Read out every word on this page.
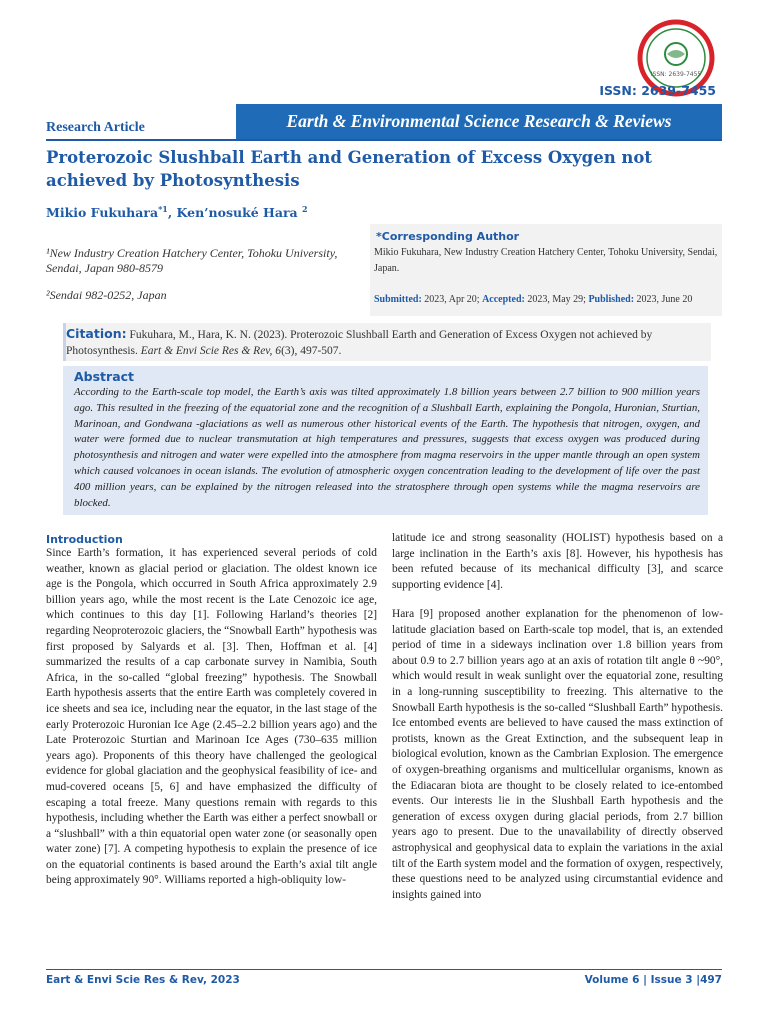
ISSN: 2639-7455
ISSN: 2639-7455
Earth & Environmental Science Research & Reviews
Research Article
Proterozoic Slushball Earth and Generation of Excess Oxygen not achieved by Photosynthesis
Mikio Fukuhara$^{*1}$, Ken’nosuké Hara $^2$
¹New Industry Creation Hatchery Center, Tohoku University, Sendai, Japan 980-8579
²Sendai 982-0252, Japan
*Corresponding Author
Mikio Fukuhara, New Industry Creation Hatchery Center, Tohoku University, Sendai, Japan.
Submitted: 2023, Apr 20; Accepted: 2023, May 29; Published: 2023, June 20
Citation: Fukuhara, M., Hara, K. N. (2023). Proterozoic Slushball Earth and Generation of Excess Oxygen not achieved by Photosynthesis. Eart & Envi Scie Res & Rev, 6(3), 497-507.
Abstract
According to the Earth-scale top model, the Earth’s axis was tilted approximately 1.8 billion years between 2.7 billion to 900 million years ago. This resulted in the freezing of the equatorial zone and the recognition of a Slushball Earth, explaining the Pongola, Huronian, Sturtian, Marinoan, and Gondwana -glaciations as well as numerous other historical events of the Earth. The hypothesis that nitrogen, oxygen, and water were formed due to nuclear transmutation at high temperatures and pressures, suggests that excess oxygen was produced during photosynthesis and nitrogen and water were expelled into the atmosphere from magma reservoirs in the upper mantle through an open system which caused volcanoes in ocean islands. The evolution of atmospheric oxygen concentration leading to the development of life over the past 400 million years, can be explained by the nitrogen released into the stratosphere through open systems while the magma reservoirs are blocked.
Introduction
Since Earth’s formation, it has experienced several periods of cold weather, known as glacial period or glaciation. The oldest known ice age is the Pongola, which occurred in South Africa approximately 2.9 billion years ago, while the most recent is the Late Cenozoic ice age, which continues to this day [1]. Following Harland’s theories [2] regarding Neoproterozoic glaciers, the “Snowball Earth” hypothesis was first proposed by Salyards et al. [3]. Then, Hoffman et al. [4] summarized the results of a cap carbonate survey in Namibia, South Africa, in the so-called “global freezing” hypothesis. The Snowball Earth hypothesis asserts that the entire Earth was completely covered in ice sheets and sea ice, including near the equator, in the last stage of the early Proterozoic Huronian Ice Age (2.45–2.2 billion years ago) and the Late Proterozoic Sturtian and Marinoan Ice Ages (730–635 million years ago). Proponents of this theory have challenged the geological evidence for global glaciation and the geophysical feasibility of ice- and mud-covered oceans [5, 6] and have emphasized the difficulty of escaping a total freeze. Many questions remain with regards to this hypothesis, including whether the Earth was either a perfect snowball or a “slushball” with a thin equatorial open water zone (or seasonally open water zone) [7]. A competing hypothesis to explain the presence of ice on the equatorial continents is based around the Earth’s axial tilt angle being approximately 90°. Williams reported a high-obliquity low-
latitude ice and strong seasonality (HOLIST) hypothesis based on a large inclination in the Earth’s axis [8]. However, his hypothesis has been refuted because of its mechanical difficulty [3], and scarce supporting evidence [4].
Hara [9] proposed another explanation for the phenomenon of low-latitude glaciation based on Earth-scale top model, that is, an extended period of time in a sideways inclination over 1.8 billion years from about 0.9 to 2.7 billion years ago at an axis of rotation tilt angle θ ~90°, which would result in weak sunlight over the equatorial zone, resulting in a long-running susceptibility to freezing. This alternative to the Snowball Earth hypothesis is the so-called “Slushball Earth” hypothesis. Ice entombed events are believed to have caused the mass extinction of protists, known as the Great Extinction, and the subsequent leap in biological evolution, known as the Cambrian Explosion. The emergence of oxygen-breathing organisms and multicellular organisms, known as the Ediacaran biota are thought to be closely related to ice-entombed events. Our interests lie in the Slushball Earth hypothesis and the generation of excess oxygen during glacial periods, from 2.7 billion years ago to present. Due to the unavailability of directly observed astrophysical and geophysical data to explain the variations in the axial tilt of the Earth system model and the formation of oxygen, respectively, these questions need to be analyzed using circumstantial evidence and insights gained into
Eart & Envi Scie Res & Rev, 2023	Volume 6 | Issue 3 |497
